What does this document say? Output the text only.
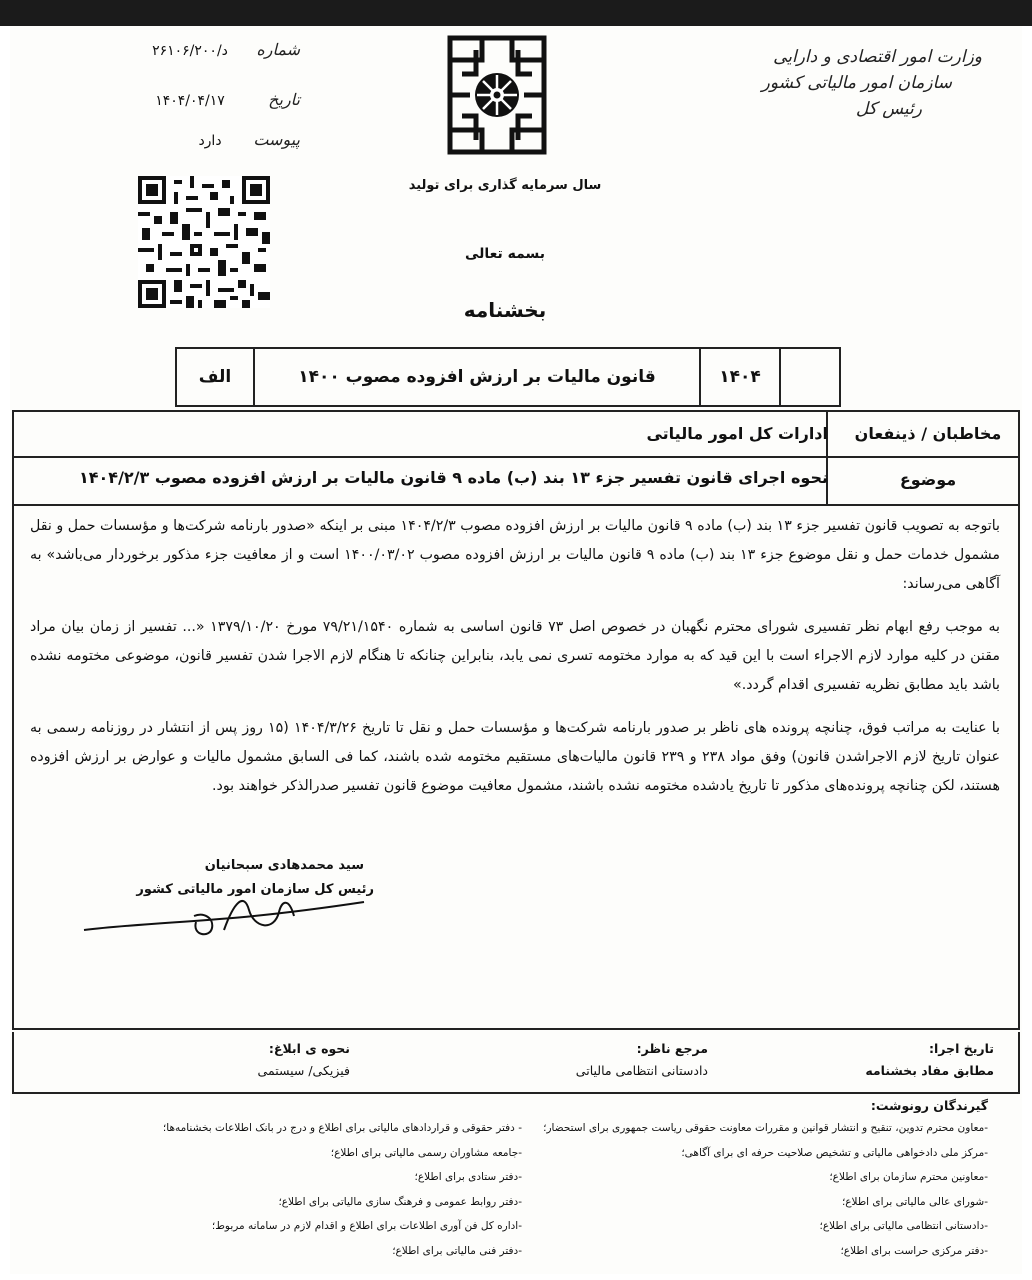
وزارت امور اقتصادی و دارایی
سازمان امور مالیاتی کشور
رئیس کل
شماره
۲۶۱۰۶/۲۰۰/د
تاریخ
۱۴۰۴/۰۴/۱۷
پیوست
دارد
سال سرمایه گذاری برای تولید
بسمه تعالی
بخشنامه
۱۴۰۴
قانون مالیات بر ارزش افزوده مصوب ۱۴۰۰
الف
مخاطبان / ذینفعان
ادارات کل امور مالیاتی
موضوع
نحوه اجرای قانون تفسیر جزء ۱۳ بند (ب) ماده ۹ قانون مالیات بر ارزش افزوده مصوب ۱۴۰۴/۲/۳
باتوجه به تصویب قانون تفسیر جزء ۱۳ بند (ب) ماده ۹ قانون مالیات بر ارزش افزوده مصوب ۱۴۰۴/۲/۳ مبنی بر اینکه «صدور بارنامه شرکت‌ها و مؤسسات حمل و نقل مشمول خدمات حمل و نقل موضوع جزء ۱۳ بند (ب) ماده ۹ قانون مالیات بر ارزش افزوده مصوب ۱۴۰۰/۰۳/۰۲ است و از معافیت جزء مذکور برخوردار می‌باشد» به آگاهی می‌رساند:
به موجب رفع ابهام نظر تفسیری شورای محترم نگهبان در خصوص اصل ۷۳ قانون اساسی به شماره ۷۹/۲۱/۱۵۴۰ مورخ ۱۳۷۹/۱۰/۲۰ «... تفسیر از زمان بیان مراد مقنن در کلیه موارد لازم الاجراء است با این قید که به موارد مختومه تسری نمی یابد، بنابراین چنانکه تا هنگام لازم الاجرا شدن تفسیر قانون، موضوعی مختومه نشده باشد باید مطابق نظریه تفسیری اقدام گردد.»
با عنایت به مراتب فوق، چنانچه پرونده های ناظر بر صدور بارنامه شرکت‌ها و مؤسسات حمل و نقل تا تاریخ ۱۴۰۴/۳/۲۶ (۱۵ روز پس از انتشار در روزنامه رسمی به عنوان تاریخ لازم الاجراشدن قانون) وفق مواد ۲۳۸ و ۲۳۹ قانون مالیات‌های مستقیم مختومه شده باشند، کما فی السابق مشمول مالیات و عوارض بر ارزش افزوده هستند، لکن چنانچه پرونده‌های مذکور تا تاریخ یادشده مختومه نشده باشند، مشمول معافیت موضوع قانون تفسیر صدرالذکر خواهند بود.
سید محمدهادی سبحانیان
رئیس کل سازمان امور مالیاتی کشور
تاریخ اجرا:
مطابق مفاد بخشنامه
مرجع ناظر:
دادستانی انتظامی مالیاتی
نحوه ی ابلاغ:
فیزیکی/ سیستمی
گیرندگان رونوشت:
-معاون محترم تدوین، تنقیح و انتشار قوانین و مقررات معاونت حقوقی ریاست جمهوری برای استحضار؛
-مرکز ملی دادخواهی مالیاتی و تشخیص صلاحیت حرفه ای برای آگاهی؛
-معاونین محترم سازمان برای اطلاع؛
-شورای عالی مالیاتی برای اطلاع؛
-دادستانی انتظامی مالیاتی برای اطلاع؛
-دفتر مرکزی حراست برای اطلاع؛
- دفتر حقوقی و قراردادهای مالیاتی برای اطلاع و درج در بانک اطلاعات بخشنامه‌ها؛
-جامعه مشاوران رسمی مالیاتی برای اطلاع؛
-دفتر ستادی برای اطلاع؛
-دفتر روابط عمومی و فرهنگ سازی مالیاتی برای اطلاع؛
-اداره کل فن آوری اطلاعات برای اطلاع و اقدام لازم در سامانه مربوط؛
-دفتر فنی مالیاتی برای اطلاع؛
